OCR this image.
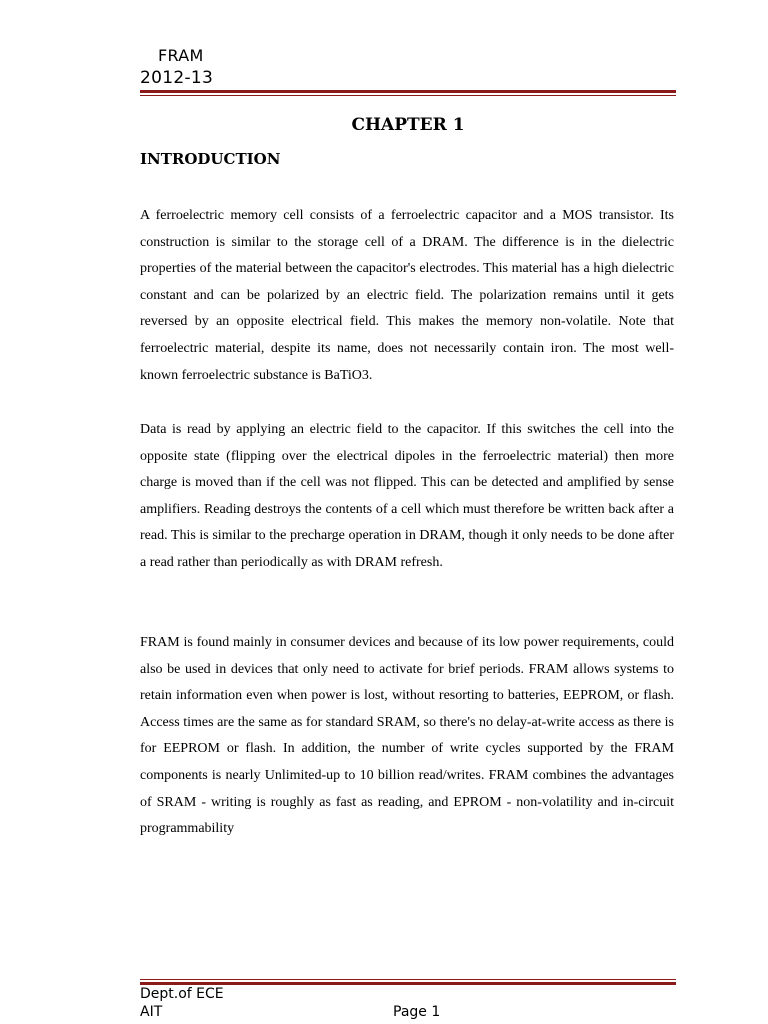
FRAM
2012-13
CHAPTER 1
INTRODUCTION

A ferroelectric memory cell consists of a ferroelectric capacitor and a MOS transistor. Its construction is similar to the storage cell of a DRAM. The difference is in the dielectric properties of the material between the capacitor's electrodes. This material has a high dielectric constant and can be polarized by an electric field. The polarization remains until it gets reversed by an opposite electrical field. This makes the memory non-volatile. Note that ferroelectric material, despite its name, does not necessarily contain iron. The most well-known ferroelectric substance is BaTiO3.

Data is read by applying an electric field to the capacitor. If this switches the cell into the opposite state (flipping over the electrical dipoles in the ferroelectric material) then more charge is moved than if the cell was not flipped. This can be detected and amplified by sense amplifiers. Reading destroys the contents of a cell which must therefore be written back after a read. This is similar to the precharge operation in DRAM, though it only needs to be done after a read rather than periodically as with DRAM refresh.

FRAM is found mainly in consumer devices and because of its low power requirements, could also be used in devices that only need to activate for brief periods. FRAM allows systems to retain information even when power is lost, without resorting to batteries, EEPROM, or flash. Access times are the same as for standard SRAM, so there's no delay-at-write access as there is for EEPROM or flash. In addition, the number of write cycles supported by the FRAM components is nearly Unlimited-up to 10 billion read/writes. FRAM combines the advantages of SRAM - writing is roughly as fast as reading, and EPROM - non-volatility and in-circuit programmability

Dept.of ECE
AIT	Page 1
